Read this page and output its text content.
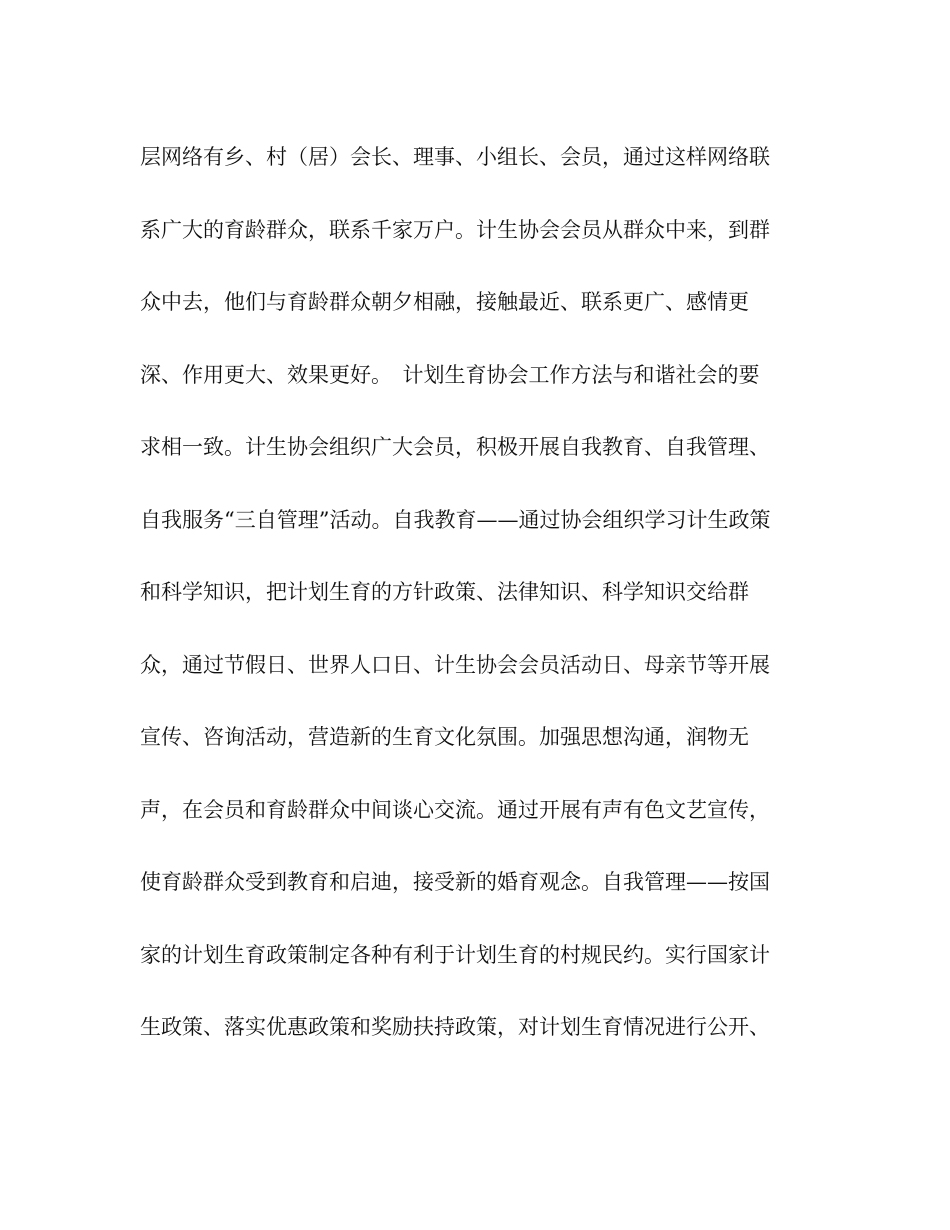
层网络有乡、村（居）会长、理事、小组长、会员，通过这样网络联
系广大的育龄群众，联系千家万户。计生协会会员从群众中来，到群
众中去，他们与育龄群众朝夕相融，接触最近、联系更广、感情更
深、作用更大、效果更好。　计划生育协会工作方法与和谐社会的要
求相一致。计生协会组织广大会员，积极开展自我教育、自我管理、
自我服务“三自管理”活动。自我教育——通过协会组织学习计生政策
和科学知识，把计划生育的方针政策、法律知识、科学知识交给群
众，通过节假日、世界人口日、计生协会会员活动日、母亲节等开展
宣传、咨询活动，营造新的生育文化氛围。加强思想沟通，润物无
声，在会员和育龄群众中间谈心交流。通过开展有声有色文艺宣传，
使育龄群众受到教育和启迪，接受新的婚育观念。自我管理——按国
家的计划生育政策制定各种有利于计划生育的村规民约。实行国家计
生政策、落实优惠政策和奖励扶持政策，对计划生育情况进行公开、
